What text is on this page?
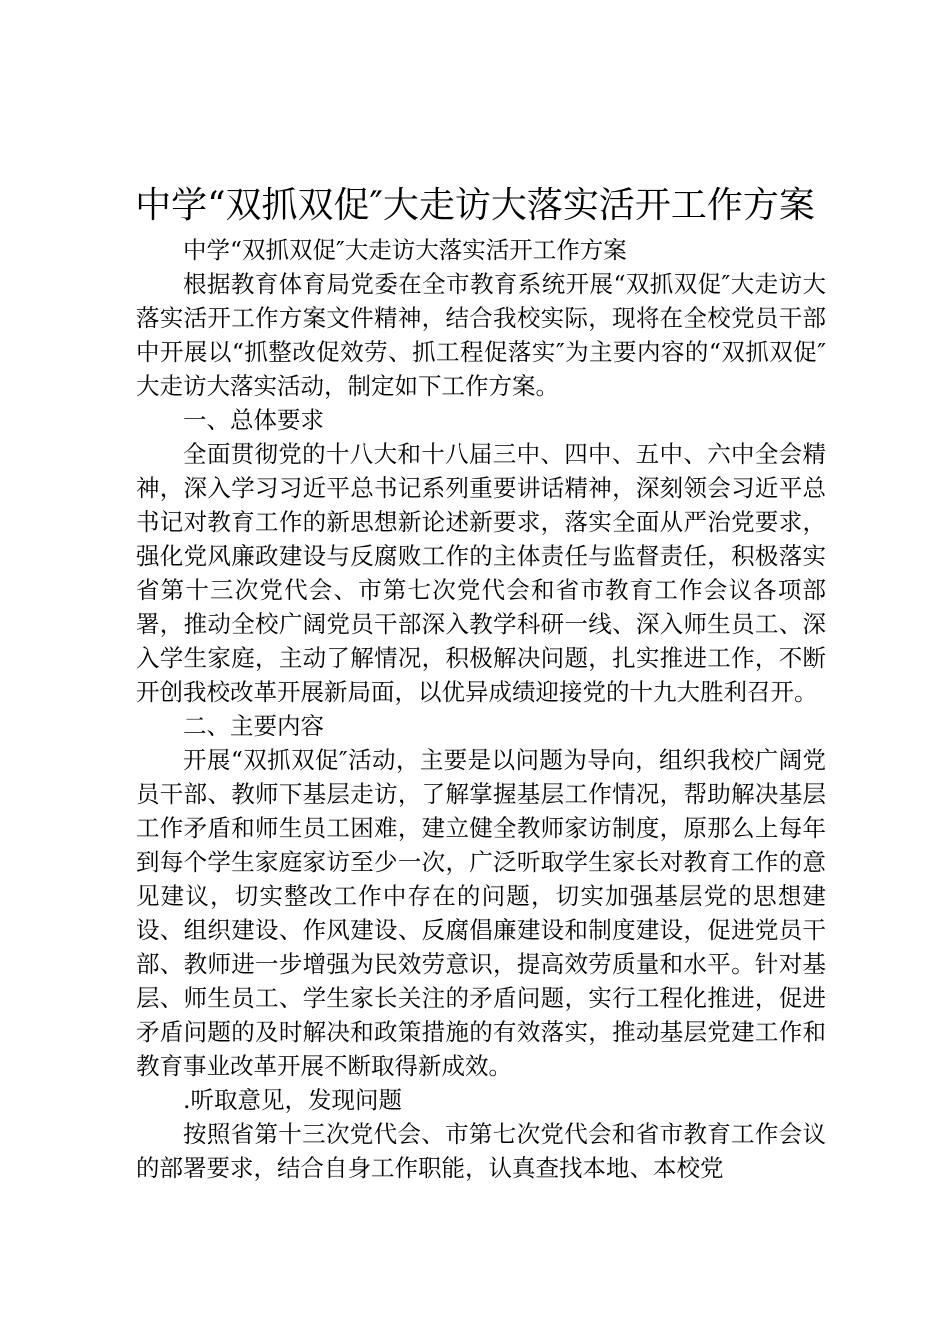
中学“双抓双促″大走访大落实活开工作方案

中学“双抓双促″大走访大落实活开工作方案

根据教育体育局党委在全市教育系统开展“双抓双促″大走访大落实活开工作方案文件精神，结合我校实际，现将在全校党员干部中开展以“抓整改促效劳、抓工程促落实″为主要内容的“双抓双促″大走访大落实活动，制定如下工作方案。

一、总体要求

全面贯彻党的十八大和十八届三中、四中、五中、六中全会精神，深入学习习近平总书记系列重要讲话精神，深刻领会习近平总书记对教育工作的新思想新论述新要求，落实全面从严治党要求，强化党风廉政建设与反腐败工作的主体责任与监督责任，积极落实省第十三次党代会、市第七次党代会和省市教育工作会议各项部署，推动全校广阔党员干部深入教学科研一线、深入师生员工、深入学生家庭，主动了解情况，积极解决问题，扎实推进工作，不断开创我校改革开展新局面，以优异成绩迎接党的十九大胜利召开。

二、主要内容

开展“双抓双促″活动，主要是以问题为导向，组织我校广阔党员干部、教师下基层走访，了解掌握基层工作情况，帮助解决基层工作矛盾和师生员工困难，建立健全教师家访制度，原那么上每年到每个学生家庭家访至少一次，广泛听取学生家长对教育工作的意见建议，切实整改工作中存在的问题，切实加强基层党的思想建设、组织建设、作风建设、反腐倡廉建设和制度建设，促进党员干部、教师进一步增强为民效劳意识，提高效劳质量和水平。针对基层、师生员工、学生家长关注的矛盾问题，实行工程化推进，促进矛盾问题的及时解决和政策措施的有效落实，推动基层党建工作和教育事业改革开展不断取得新成效。

.听取意见，发现问题

按照省第十三次党代会、市第七次党代会和省市教育工作会议的部署要求，结合自身工作职能，认真查找本地、本校党
